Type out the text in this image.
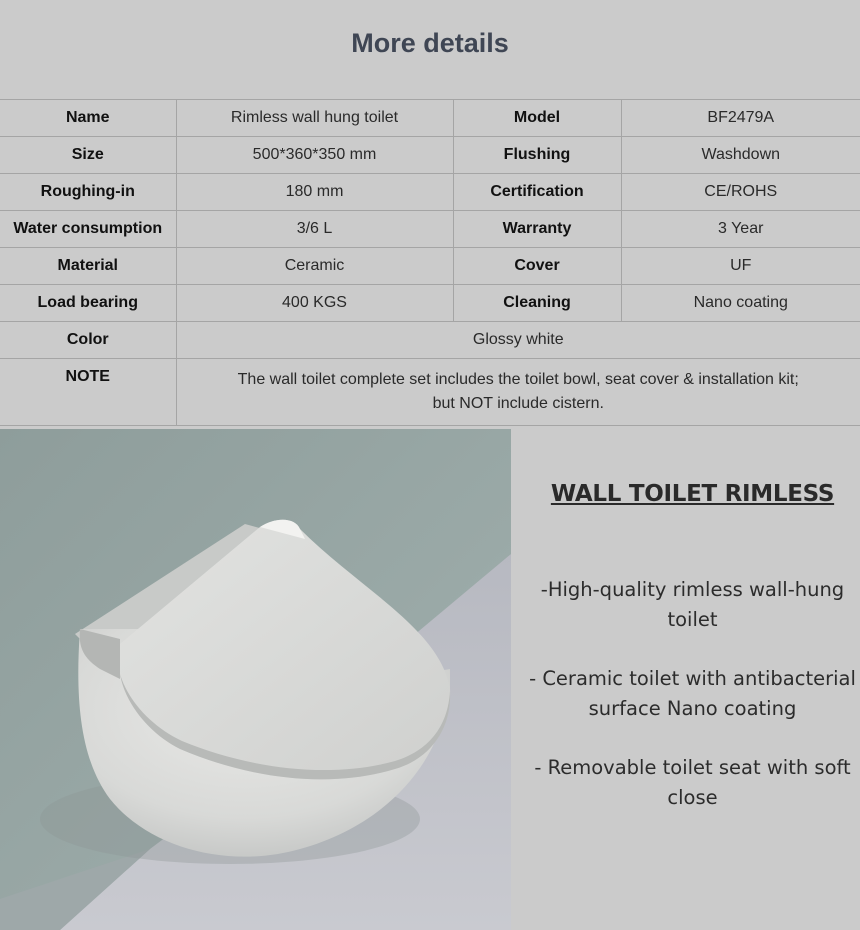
More details
Name	Rimless wall hung toilet	Model	BF2479A
Size	500*360*350 mm	Flushing	Washdown
Roughing-in	180 mm	Certification	CE/ROHS
Water consumption	3/6 L	Warranty	3 Year
Material	Ceramic	Cover	UF
Load bearing	400 KGS	Cleaning	Nano coating
Color	Glossy white		
NOTE	The wall toilet complete set includes the toilet bowl, seat cover & installation kit;
but NOT include cistern.		
WALL TOILET RIMLESS
-High-quality rimless wall-hung toilet
- Ceramic toilet with antibacterial surface Nano coating
- Removable toilet seat with soft close
